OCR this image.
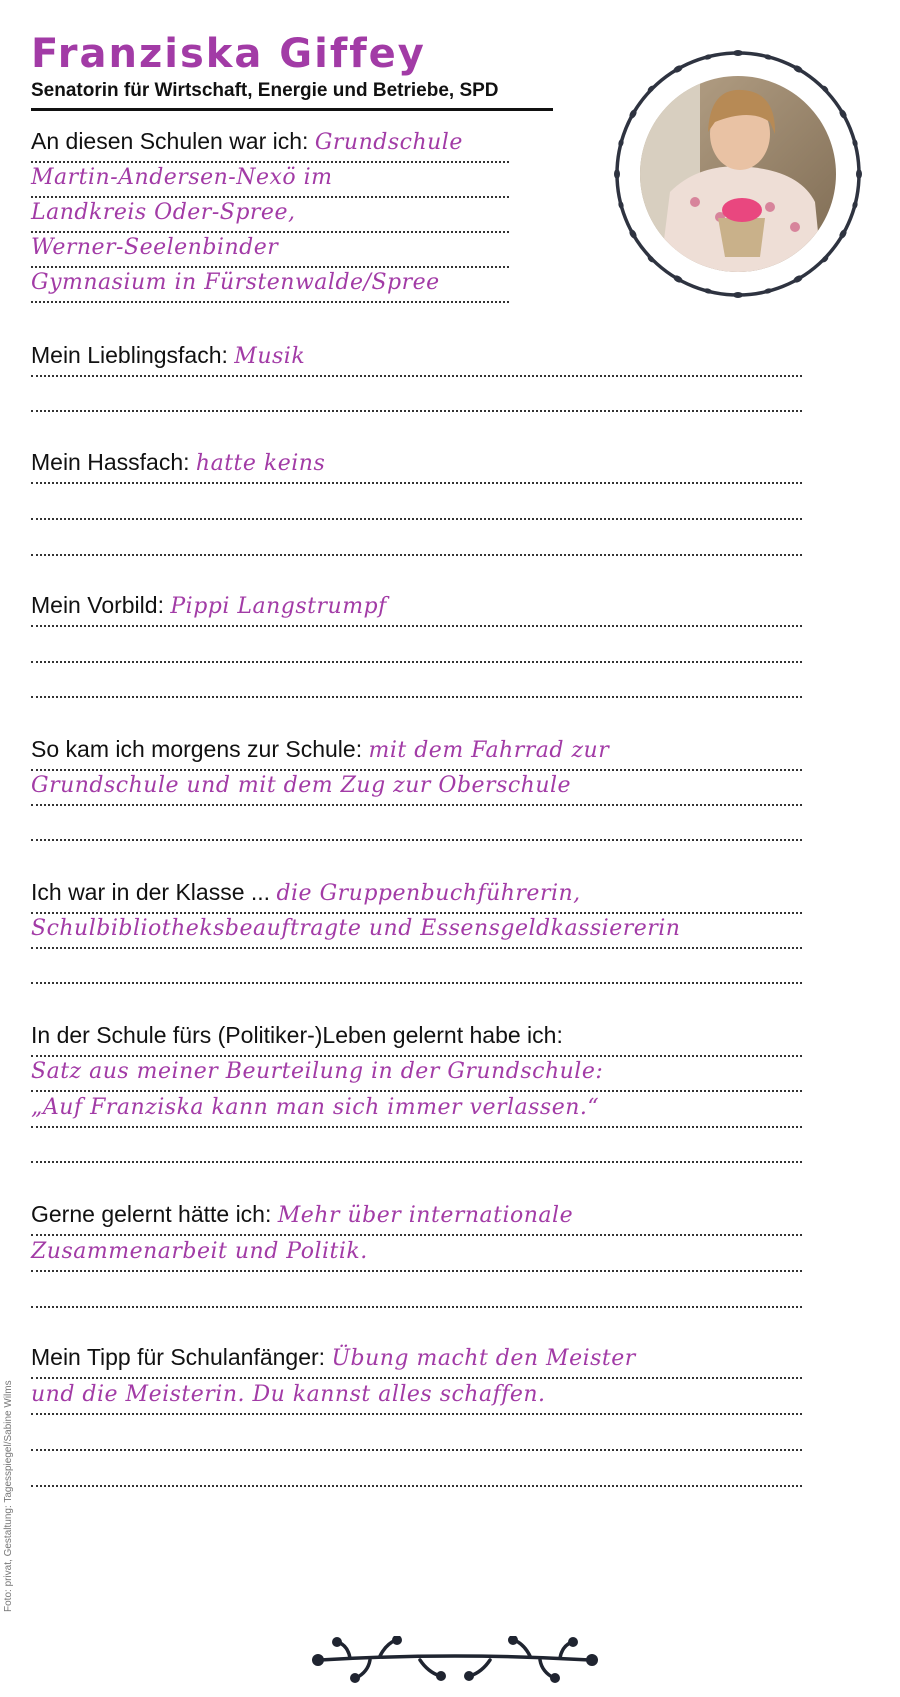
Franziska Giffey
Senatorin für Wirtschaft, Energie und Betriebe, SPD
An diesen Schulen war ich: Grundschule
Martin-Andersen-Nexö im
Landkreis Oder-Spree,
Werner-Seelenbinder
Gymnasium in Fürstenwalde/Spree
Mein Lieblingsfach: Musik
Mein Hassfach: hatte keins
Mein Vorbild: Pippi Langstrumpf
So kam ich morgens zur Schule: mit dem Fahrrad zur
Grundschule und mit dem Zug zur Oberschule
Ich war in der Klasse ... die Gruppenbuchführerin,
Schulbibliotheksbeauftragte und Essensgeldkassiererin
In der Schule fürs (Politiker-)Leben gelernt habe ich:
Satz aus meiner Beurteilung in der Grundschule:
„Auf Franziska kann man sich immer verlassen.“
Gerne gelernt hätte ich: Mehr über internationale
Zusammenarbeit und Politik.
Mein Tipp für Schulanfänger: Übung macht den Meister
und die Meisterin. Du kannst alles schaffen.
Foto: privat, Gestaltung: Tagesspiegel/Sabine Wilms
